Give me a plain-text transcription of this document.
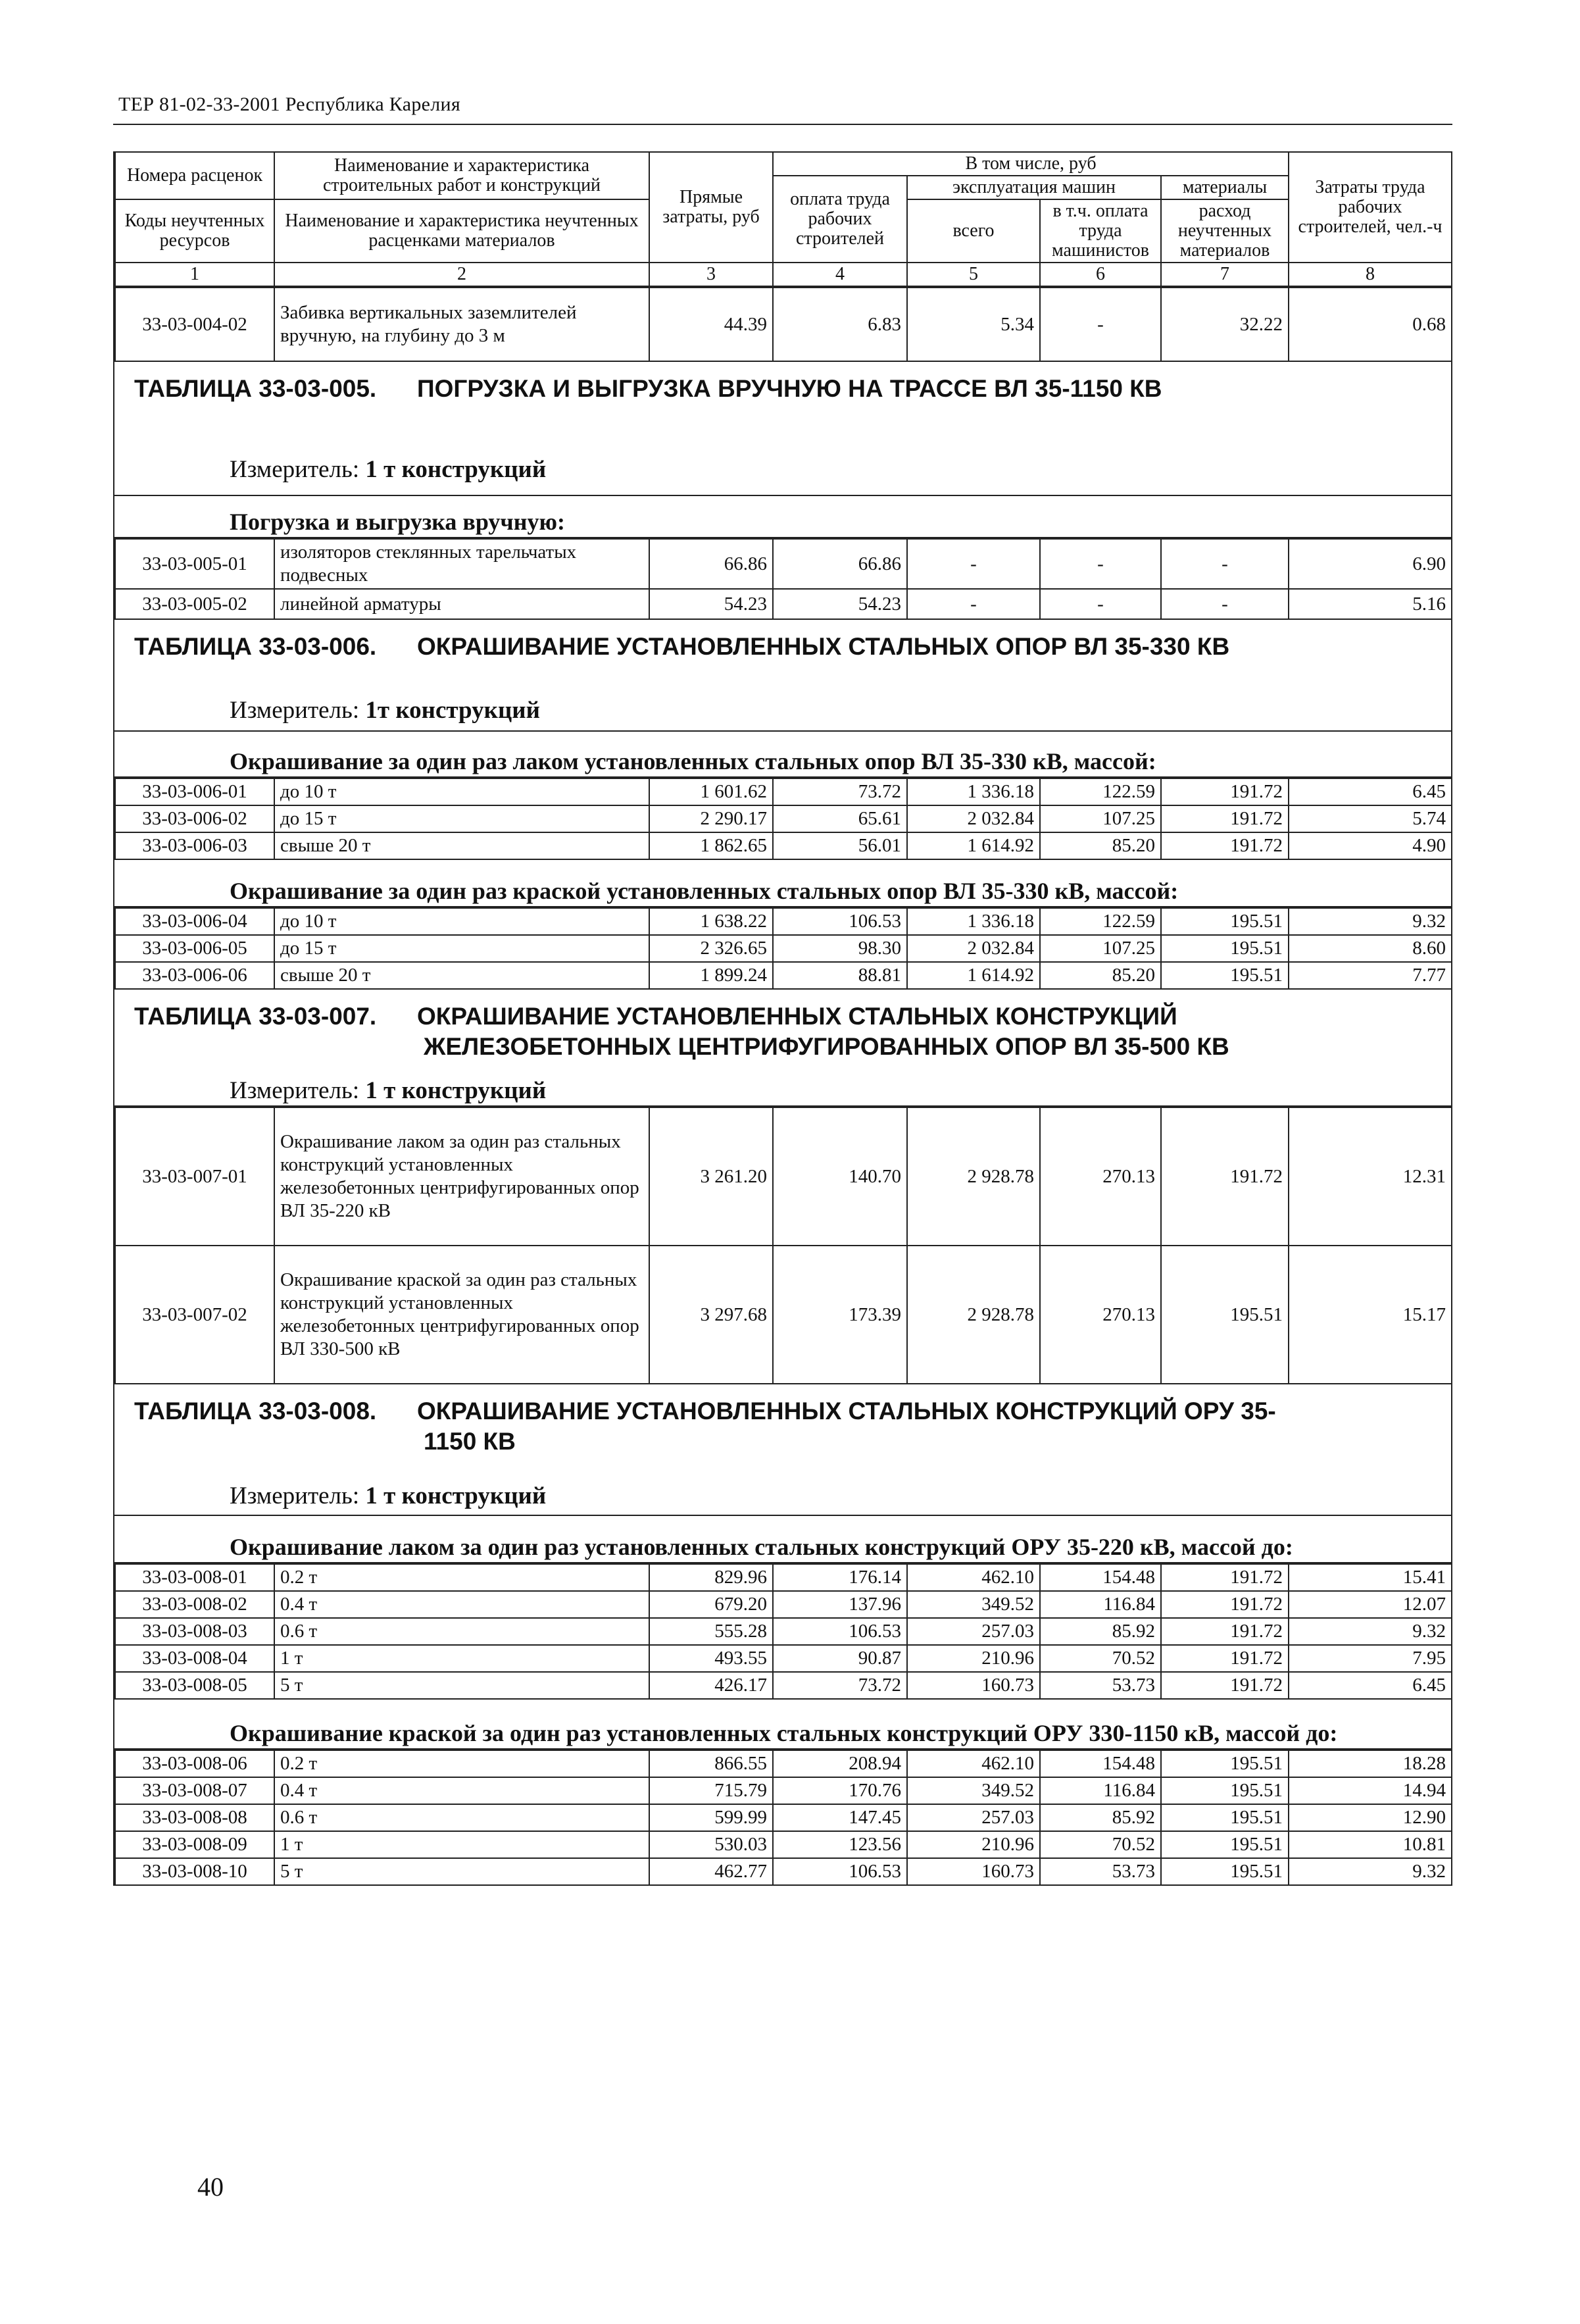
ТЕР 81-02-33-2001 Республика Карелия
Номера расценок	Наименование и характеристика строительных работ и конструкций	Прямые затраты, руб	В том числе, руб				Затраты труда рабочих строителей, чел.-ч
			оплата труда рабочих строителей	эксплуатация машин		материалы	
Коды неучтенных ресурсов	Наименование и характеристика неучтенных расценками материалов			всего	в т.ч. оплата труда машинистов	расход неучтенных материалов	

1	2	3	4	5	6	7	8
33-03-004-02	Забивка вертикальных заземлителей вручную, на глубину до 3 м	44.39	6.83	5.34	-	32.22	0.68
ТАБЛИЦА 33-03-005. ПОГРУЗКА И ВЫГРУЗКА ВРУЧНУЮ НА ТРАССЕ ВЛ 35-1150 КВ
Измеритель: 1 т конструкций
Погрузка и выгрузка вручную:
33-03-005-01	изоляторов стеклянных тарельчатых подвесных	66.86	66.86	-	-	-	6.90
33-03-005-02	линейной арматуры	54.23	54.23	-	-	-	5.16
ТАБЛИЦА 33-03-006. ОКРАШИВАНИЕ УСТАНОВЛЕННЫХ СТАЛЬНЫХ ОПОР ВЛ 35-330 КВ
Измеритель: 1т конструкций
Окрашивание за один раз лаком установленных стальных опор ВЛ 35-330 кВ, массой:
33-03-006-01	до 10 т	1 601.62	73.72	1 336.18	122.59	191.72	6.45
33-03-006-02	до 15 т	2 290.17	65.61	2 032.84	107.25	191.72	5.74
33-03-006-03	свыше 20 т	1 862.65	56.01	1 614.92	85.20	191.72	4.90
Окрашивание за один раз краской установленных стальных опор ВЛ 35-330 кВ, массой:
33-03-006-04	до 10 т	1 638.22	106.53	1 336.18	122.59	195.51	9.32
33-03-006-05	до 15 т	2 326.65	98.30	2 032.84	107.25	195.51	8.60
33-03-006-06	свыше 20 т	1 899.24	88.81	1 614.92	85.20	195.51	7.77
ТАБЛИЦА 33-03-007. ОКРАШИВАНИЕ УСТАНОВЛЕННЫХ СТАЛЬНЫХ КОНСТРУКЦИЙ
ЖЕЛЕЗОБЕТОННЫХ ЦЕНТРИФУГИРОВАННЫХ ОПОР ВЛ 35-500 КВ
Измеритель: 1 т конструкций
33-03-007-01	Окрашивание лаком за один раз стальных конструкций установленных железобетонных центрифугированных опор ВЛ 35-220 кВ	3 261.20	140.70	2 928.78	270.13	191.72	12.31
33-03-007-02	Окрашивание краской за один раз стальных конструкций установленных железобетонных центрифугированных опор ВЛ 330-500 кВ	3 297.68	173.39	2 928.78	270.13	195.51	15.17
ТАБЛИЦА 33-03-008. ОКРАШИВАНИЕ УСТАНОВЛЕННЫХ СТАЛЬНЫХ КОНСТРУКЦИЙ ОРУ 35-
1150 КВ
Измеритель: 1 т конструкций
Окрашивание лаком за один раз установленных стальных конструкций ОРУ 35-220 кВ, массой до:
33-03-008-01	0.2 т	829.96	176.14	462.10	154.48	191.72	15.41
33-03-008-02	0.4 т	679.20	137.96	349.52	116.84	191.72	12.07
33-03-008-03	0.6 т	555.28	106.53	257.03	85.92	191.72	9.32
33-03-008-04	1 т	493.55	90.87	210.96	70.52	191.72	7.95
33-03-008-05	5 т	426.17	73.72	160.73	53.73	191.72	6.45
Окрашивание краской за один раз установленных стальных конструкций ОРУ 330-1150 кВ, массой до:
33-03-008-06	0.2 т	866.55	208.94	462.10	154.48	195.51	18.28
33-03-008-07	0.4 т	715.79	170.76	349.52	116.84	195.51	14.94
33-03-008-08	0.6 т	599.99	147.45	257.03	85.92	195.51	12.90
33-03-008-09	1 т	530.03	123.56	210.96	70.52	195.51	10.81
33-03-008-10	5 т	462.77	106.53	160.73	53.73	195.51	9.32
40
